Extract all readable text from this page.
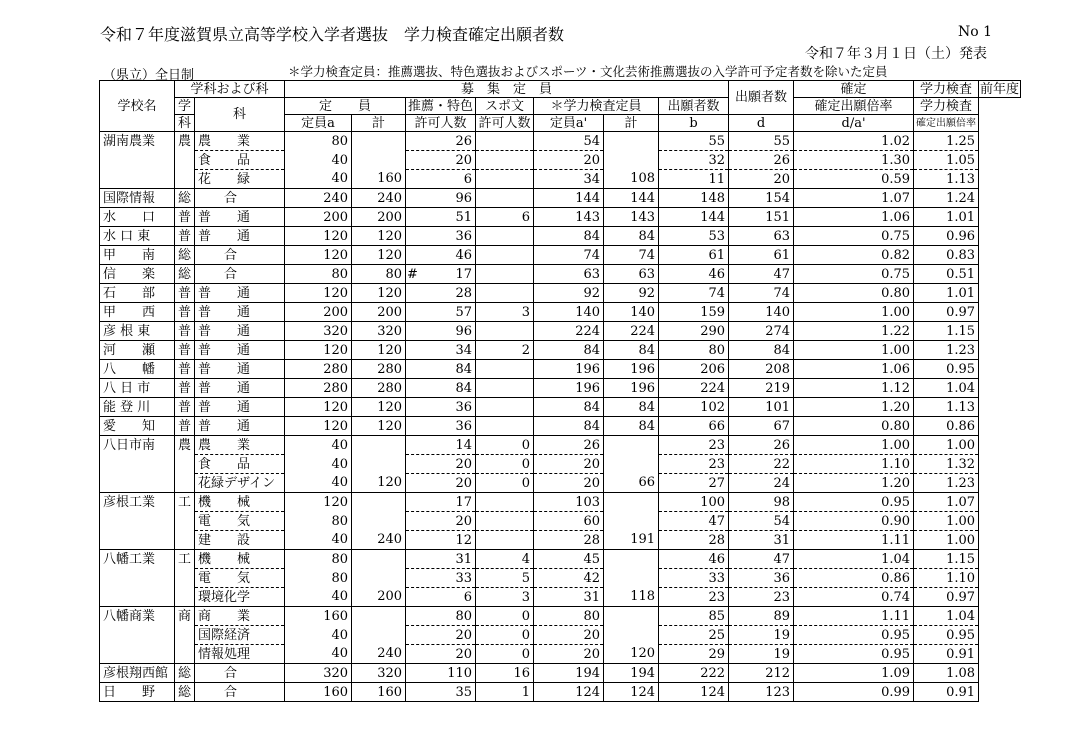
令和７年度滋賀県立高等学校入学者選抜　学力検査確定出願者数	No 1
令和７年３月１日（土）発表
（県立）全日制	＊学力検査定員：推薦選抜、特色選抜およびスポーツ・文化芸術推薦選抜の入学許可予定者数を除いた定員
学校名	学科および科		募　集　定　員							出願者数	確定	学力検査	前年度
	学	科	定　　員		推薦・特色	スポ文	＊学力検査定員		出願者数		確定出願倍率	学力検査	
	科		定員a	計	許可人数	許可人数	定員a'	計	b	d	d/a'	確定出願倍率	
湖南農業	農	農　　業	80		26		54		55	55	1.02	1.25	
		食　　品	40		20		20		32	26	1.30	1.05	
		花　　緑	40	160	6		34	108	11	20	0.59	1.13	
国際情報	総	　　合	240	240	96		144	144	148	154	1.07	1.24	
水　　口	普	普　　通	200	200	51	6	143	143	144	151	1.06	1.01	
水 口 東	普	普　　通	120	120	36		84	84	53	63	0.75	0.96	
甲　　南	総	　　合	120	120	46		74	74	61	61	0.82	0.83	
信　　楽	総	　　合	80	80	# 17		63	63	46	47	0.75	0.51	
石　　部	普	普　　通	120	120	28		92	92	74	74	0.80	1.01	
甲　　西	普	普　　通	200	200	57	3	140	140	159	140	1.00	0.97	
彦 根 東	普	普　　通	320	320	96		224	224	290	274	1.22	1.15	
河　　瀬	普	普　　通	120	120	34	2	84	84	80	84	1.00	1.23	
八　　幡	普	普　　通	280	280	84		196	196	206	208	1.06	0.95	
八 日 市	普	普　　通	280	280	84		196	196	224	219	1.12	1.04	
能 登 川	普	普　　通	120	120	36		84	84	102	101	1.20	1.13	
愛　　知	普	普　　通	120	120	36		84	84	66	67	0.80	0.86	
八日市南	農	農　　業	40		14	0	26		23	26	1.00	1.00	
		食　　品	40		20	0	20		23	22	1.10	1.32	
		花緑デザイン	40	120	20	0	20	66	27	24	1.20	1.23	
彦根工業	工	機　　械	120		17		103		100	98	0.95	1.07	
		電　　気	80		20		60		47	54	0.90	1.00	
		建　　設	40	240	12		28	191	28	31	1.11	1.00	
八幡工業	工	機　　械	80		31	4	45		46	47	1.04	1.15	
		電　　気	80		33	5	42		33	36	0.86	1.10	
		環境化学	40	200	6	3	31	118	23	23	0.74	0.97	
八幡商業	商	商　　業	160		80	0	80		85	89	1.11	1.04	
		国際経済	40		20	0	20		25	19	0.95	0.95	
		情報処理	40	240	20	0	20	120	29	19	0.95	0.91	
彦根翔西館	総	　　合	320	320	110	16	194	194	222	212	1.09	1.08	
日　　野	総	　　合	160	160	35	1	124	124	124	123	0.99	0.91	
